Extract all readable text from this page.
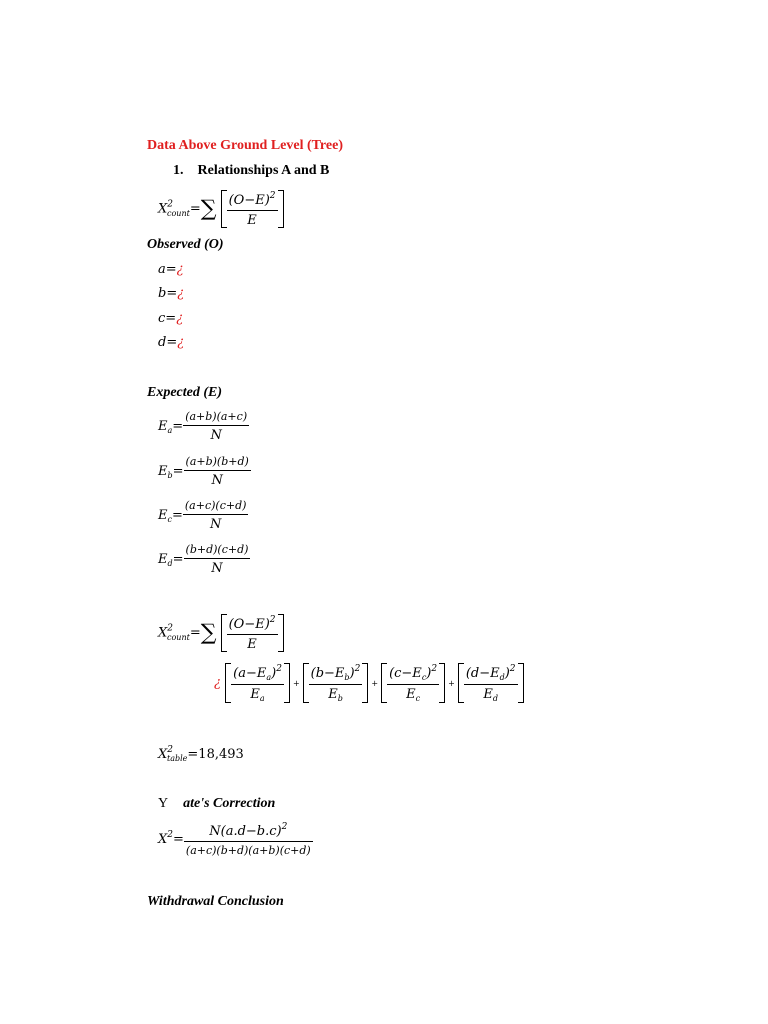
Data Above Ground Level (Tree)
1. Relationships A and B
$X^2_{count}=\sum \frac{(O-E)^2}{E}$
Observed (O)
a=¿
b=¿
c=¿
d=¿
Expected (E)
$E_a= \frac{(a+b)(a+c)}{N}$
$E_b= \frac{(a+b)(b+d)}{N}$
$E_c= \frac{(a+c)(c+d)}{N}$
$E_d= \frac{(b+d)(c+d)}{N}$
$X^2_{count}=\sum \frac{(O-E)^2}{E}$
¿ $\frac{(a-E_a)^2}{E_a} + \frac{(b-E_b)^2}{E_b} + \frac{(c-E_c)^2}{E_c} + \frac{(d-E_d)^2}{E_d}$
$X^2_{table}=18,493$
Y ate's Correction
$X^2= \frac{N(a.d-b.c)^2}{(a+c)(b+d)(a+b)(c+d)}$
Withdrawal Conclusion
